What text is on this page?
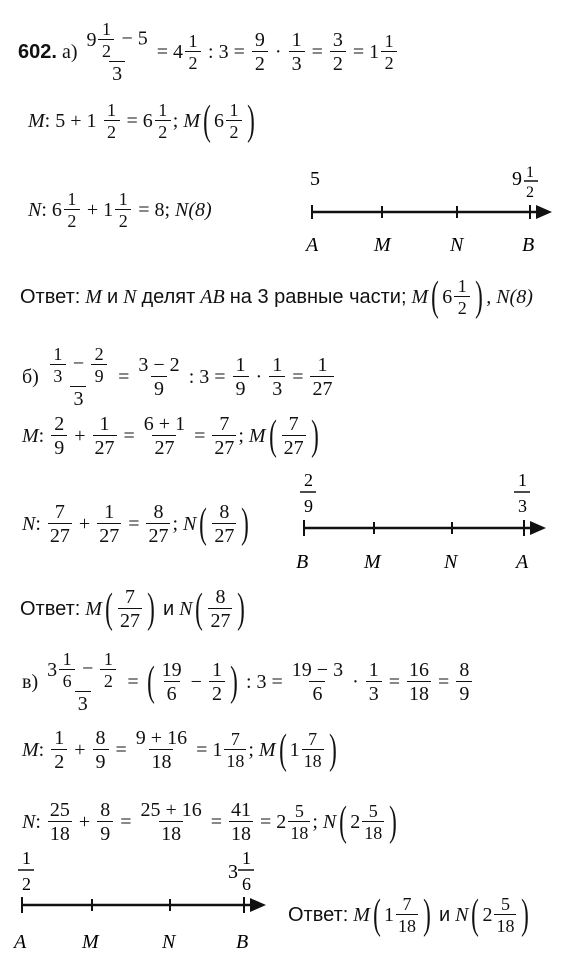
602. $а) \frac{9 \frac{1}{2} - 5}{3} = 4 \frac{1}{2}$ : $3 = \frac{9}{2} \cdot \frac{1}{3} = \frac{3}{2} = 1 \frac{1}{2}$
M: $5 + 1 \frac{1}{2} = 6 \frac{1}{2}$ ; M( $6 \frac{1}{2}$ )
N: $6 \frac{1}{2} + 1 \frac{1}{2} = 8$; N(8)
5	9 1
2
A	M	N	B
Ответ: M и N делят AB на 3 равные части; M( $6 \frac{1}{2}$ ) , N(8)
$б) \frac{\frac{1}{3} - \frac{2}{9}}{3} = \frac{3 - 2}{9}$ : $3 = \frac{1}{9} \cdot \frac{1}{3} = \frac{1}{27}$
M: $\frac{2}{9} + \frac{1}{27} = \frac{6 + 1}{27} = \frac{7}{27}$ ; $M( \frac{7}{27}$ )
N: $\frac{7}{27} + \frac{1}{27} = \frac{8}{27}$ ; $N( \frac{8}{27}$ )
2
9
1
3
B	M	N	A
Ответ: $M( \frac{7}{27}$ ) и $N( \frac{8}{27}$ )
$в) \frac{3 \frac{1}{6} - \frac{1}{2}}{3}$ = ( $\frac{19}{6} - \frac{1}{2}$ ) : $3 = \frac{19 - 3}{6} \cdot \frac{1}{3} = \frac{16}{18} = \frac{8}{9}$
M: $\frac{1}{2} + \frac{8}{9} = \frac{9 + 16}{18} = 1 \frac{7}{18}$ ; M( $1 \frac{7}{18}$ )
N: $\frac{25}{18} + \frac{8}{9} = \frac{25 + 16}{18} = \frac{41}{18} = 2 \frac{5}{18}$ ; N( $2 \frac{5}{18}$ )
1
2
3
1
6
A	M	N	B
Ответ: M( $1 \frac{7}{18}$ ) и N( $2 \frac{5}{18}$ )
